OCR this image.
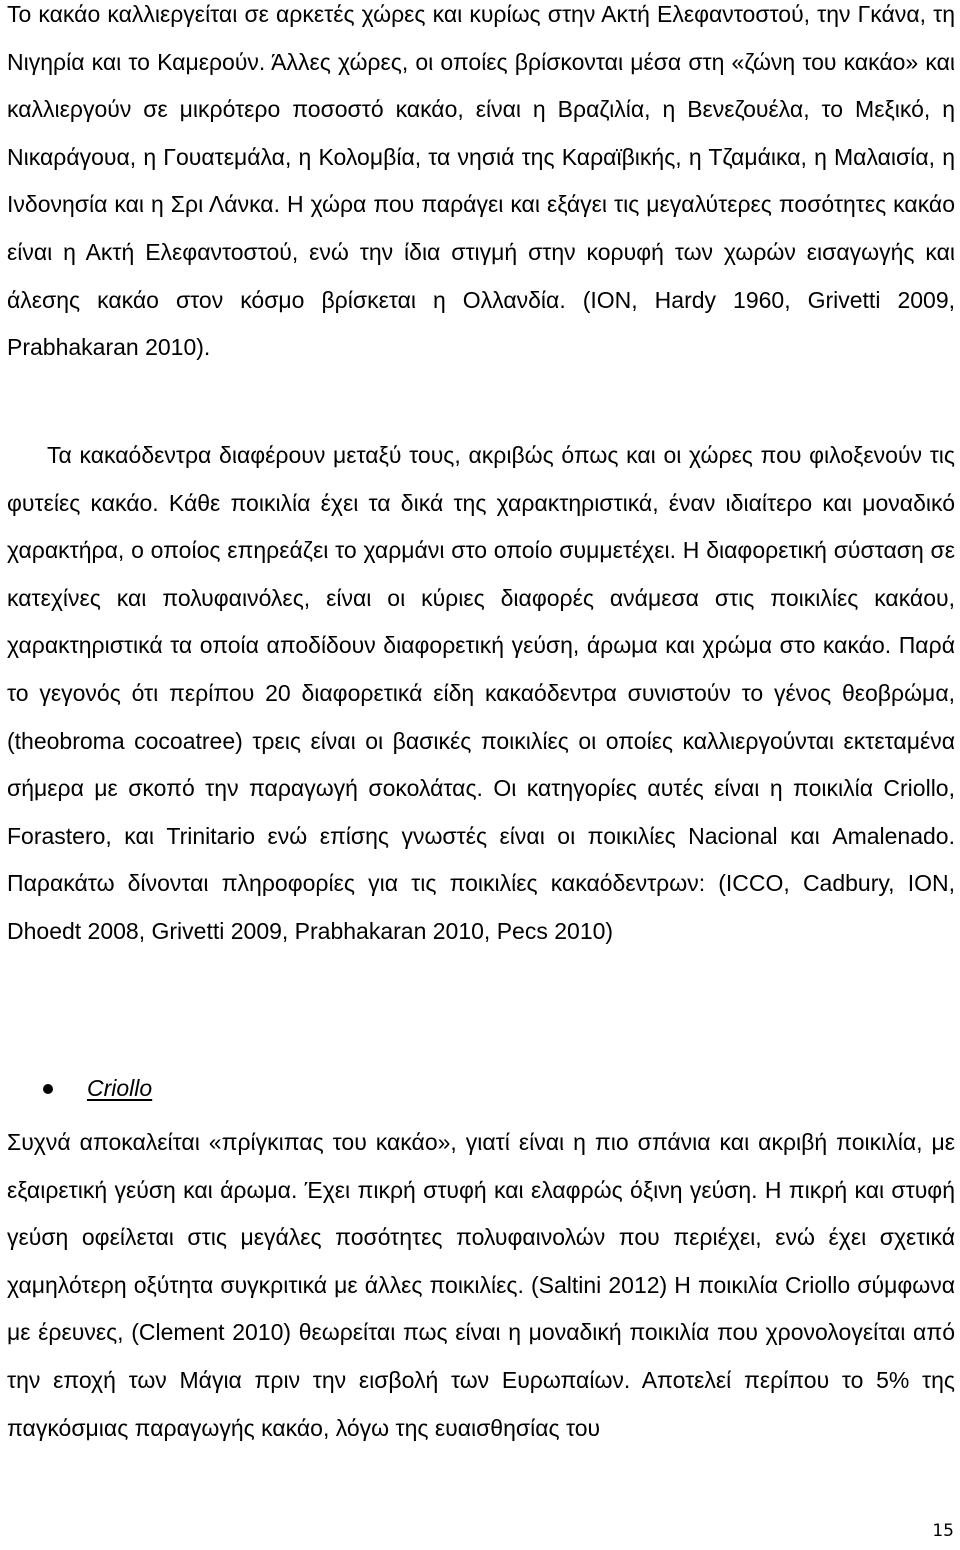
Το κακάο καλλιεργείται σε αρκετές χώρες και κυρίως στην Ακτή Ελεφαντοστού, την Γκάνα, τη Νιγηρία και το Καμερούν. Άλλες χώρες, οι οποίες βρίσκονται μέσα στη «ζώνη του κακάο» και καλλιεργούν σε μικρότερο ποσοστό κακάο, είναι η Βραζιλία, η Βενεζουέλα, το Μεξικό, η Νικαράγουα, η Γουατεμάλα, η Κολομβία, τα νησιά της Καραϊβικής, η Τζαμάικα, η Μαλαισία, η Ινδονησία και η Σρι Λάνκα. Η χώρα που παράγει και εξάγει τις μεγαλύτερες ποσότητες κακάο είναι η Ακτή Ελεφαντοστού, ενώ την ίδια στιγμή στην κορυφή των χωρών εισαγωγής και άλεσης κακάο στον κόσμο βρίσκεται η Ολλανδία. (ΙΟΝ, Hardy 1960, Grivetti 2009, Prabhakaran 2010).

Τα κακαόδεντρα διαφέρουν μεταξύ τους, ακριβώς όπως και οι χώρες που φιλοξενούν τις φυτείες κακάο. Κάθε ποικιλία έχει τα δικά της χαρακτηριστικά, έναν ιδιαίτερο και μοναδικό χαρακτήρα, ο οποίος επηρεάζει το χαρμάνι στο οποίο συμμετέχει. Η διαφορετική σύσταση σε κατεχίνες και πολυφαινόλες, είναι οι κύριες διαφορές ανάμεσα στις ποικιλίες κακάου, χαρακτηριστικά τα οποία αποδίδουν διαφορετική γεύση, άρωμα και χρώμα στο κακάο. Παρά το γεγονός ότι περίπου 20 διαφορετικά είδη κακαόδεντρα συνιστούν το γένος θεοβρώμα, (theobroma cocoatree) τρεις είναι οι βασικές ποικιλίες οι οποίες καλλιεργούνται εκτεταμένα σήμερα με σκοπό την παραγωγή σοκολάτας. Οι κατηγορίες αυτές είναι η ποικιλία Criollo, Forastero, και Trinitario ενώ επίσης γνωστές είναι οι ποικιλίες Nacional και Amalenado. Παρακάτω δίνονται πληροφορίες για τις ποικιλίες κακαόδεντρων: (ICCO, Cadbury, ION, Dhoedt 2008, Grivetti 2009, Prabhakaran 2010, Pecs 2010)

Criollo

Συχνά αποκαλείται «πρίγκιπας του κακάο», γιατί είναι η πιο σπάνια και ακριβή ποικιλία, με εξαιρετική γεύση και άρωμα. Έχει πικρή στυφή και ελαφρώς όξινη γεύση. Η πικρή και στυφή γεύση οφείλεται στις μεγάλες ποσότητες πολυφαινολών που περιέχει, ενώ έχει σχετικά χαμηλότερη οξύτητα συγκριτικά με άλλες ποικιλίες. (Saltini 2012) Η ποικιλία Criollo σύμφωνα με έρευνες, (Clement 2010) θεωρείται πως είναι η μοναδική ποικιλία που χρονολογείται από την εποχή των Μάγια πριν την εισβολή των Ευρωπαίων. Αποτελεί περίπου το 5% της παγκόσμιας παραγωγής κακάο, λόγω της ευαισθησίας του

15
